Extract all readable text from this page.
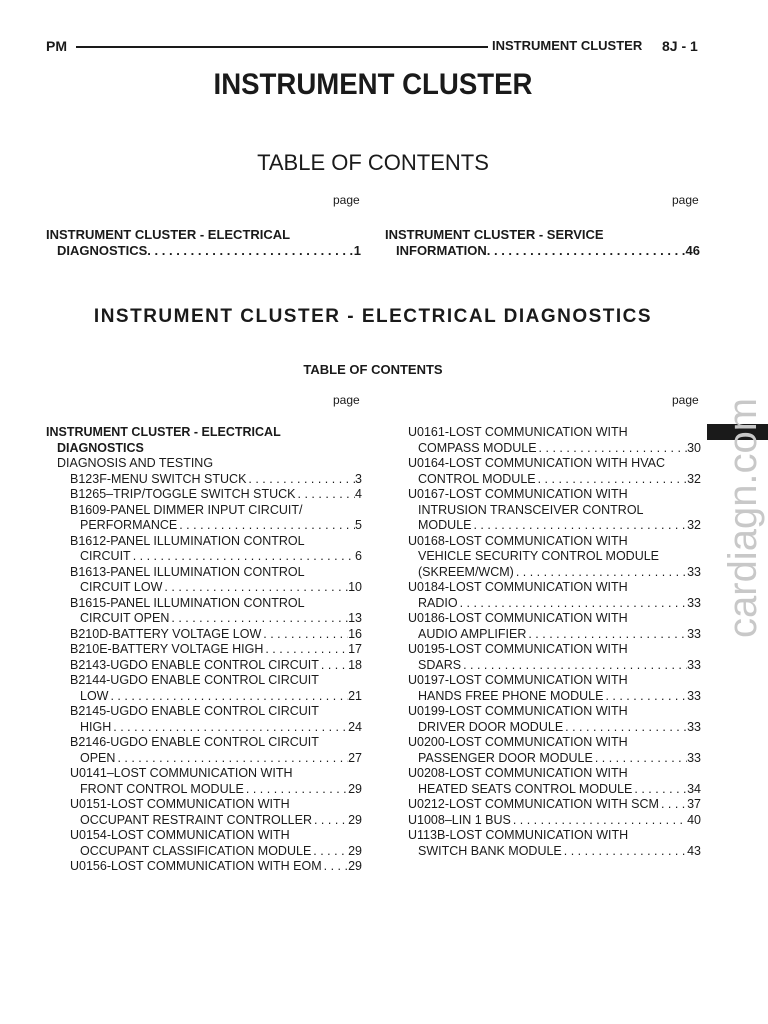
PM	INSTRUMENT CLUSTER 8J - 1
INSTRUMENT CLUSTER
TABLE OF CONTENTS
page	page
INSTRUMENT CLUSTER - ELECTRICAL
DIAGNOSTICS . . .	1
INSTRUMENT CLUSTER - SERVICE
INFORMATION . . .	46
INSTRUMENT CLUSTER - ELECTRICAL DIAGNOSTICS
TABLE OF CONTENTS
page	page
INSTRUMENT CLUSTER - ELECTRICAL
DIAGNOSTICS
DIAGNOSIS AND TESTING
B123F-MENU SWITCH STUCK . . .	3
B1265–TRIP/TOGGLE SWITCH STUCK . . .	4
B1609-PANEL DIMMER INPUT CIRCUIT/
PERFORMANCE . . .	5
B1612-PANEL ILLUMINATION CONTROL
CIRCUIT . . .	6
B1613-PANEL ILLUMINATION CONTROL
CIRCUIT LOW . . .	10
B1615-PANEL ILLUMINATION CONTROL
CIRCUIT OPEN . . .	13
B210D-BATTERY VOLTAGE LOW . . .	16
B210E-BATTERY VOLTAGE HIGH . . .	17
B2143-UGDO ENABLE CONTROL CIRCUIT . . . 18
B2144-UGDO ENABLE CONTROL CIRCUIT
LOW . . .	21
B2145-UGDO ENABLE CONTROL CIRCUIT
HIGH . . .	24
B2146-UGDO ENABLE CONTROL CIRCUIT
OPEN . . .	27
U0141–LOST COMMUNICATION WITH
FRONT CONTROL MODULE . . .	29
U0151-LOST COMMUNICATION WITH
OCCUPANT RESTRAINT CONTROLLER . . .	29
U0154-LOST COMMUNICATION WITH
OCCUPANT CLASSIFICATION MODULE . . .	29
U0156-LOST COMMUNICATION WITH EOM . . . 29
U0161-LOST COMMUNICATION WITH
COMPASS MODULE . . .	30
U0164-LOST COMMUNICATION WITH HVAC
CONTROL MODULE . . .	32
U0167-LOST COMMUNICATION WITH
INTRUSION TRANSCEIVER CONTROL
MODULE . . .	32
U0168-LOST COMMUNICATION WITH
VEHICLE SECURITY CONTROL MODULE
(SKREEM/WCM) . . .	33
U0184-LOST COMMUNICATION WITH
RADIO . . .	33
U0186-LOST COMMUNICATION WITH
AUDIO AMPLIFIER . . .	33
U0195-LOST COMMUNICATION WITH
SDARS . . .	33
U0197-LOST COMMUNICATION WITH
HANDS FREE PHONE MODULE . . .	33
U0199-LOST COMMUNICATION WITH
DRIVER DOOR MODULE . . .	33
U0200-LOST COMMUNICATION WITH
PASSENGER DOOR MODULE . . .	33
U0208-LOST COMMUNICATION WITH
HEATED SEATS CONTROL MODULE . . .	34
U0212-LOST COMMUNICATION WITH SCM . . . 37
U1008–LIN 1 BUS . . .	40
U113B-LOST COMMUNICATION WITH
SWITCH BANK MODULE . . .	43
cardiagn.com
